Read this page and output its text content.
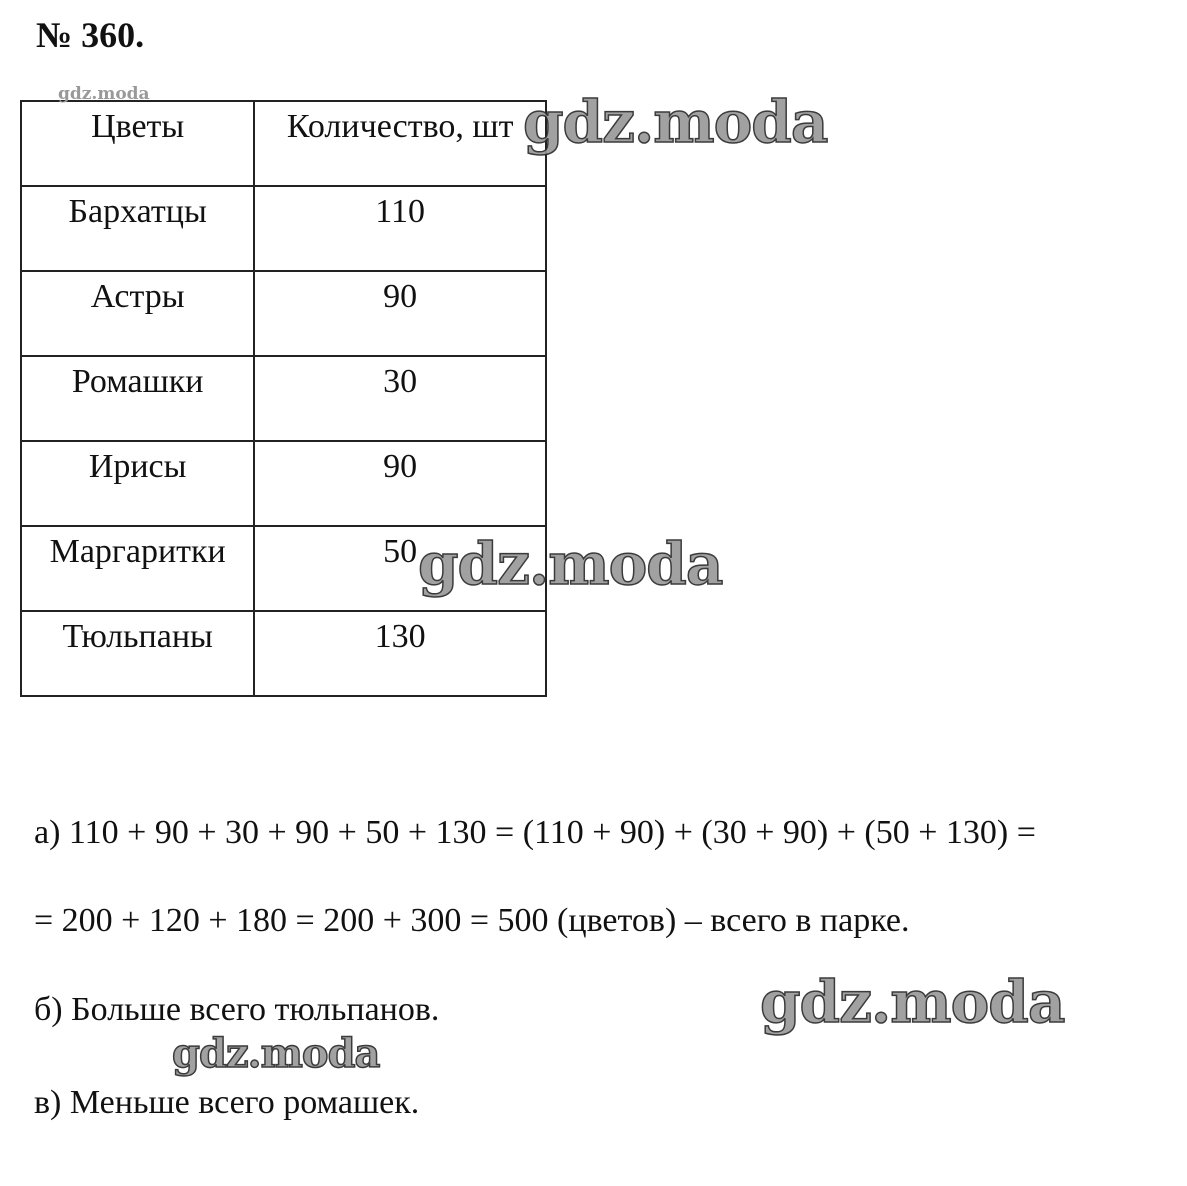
№ 360.
Цветы	Количество, шт
Бархатцы	110
Астры	90
Ромашки	30
Ирисы	90
Маргаритки	50
Тюльпаны	130

а) 110 + 90 + 30 + 90 + 50 + 130 = (110 + 90) + (30 + 90) + (50 + 130) =

= 200 + 120 + 180 = 200 + 300 = 500 (цветов) – всего в парке.

б) Больше всего тюльпанов.

в) Меньше всего ромашек.

gdz.moda	gdz.moda
gdz.moda
gdz.moda
gdz.moda
